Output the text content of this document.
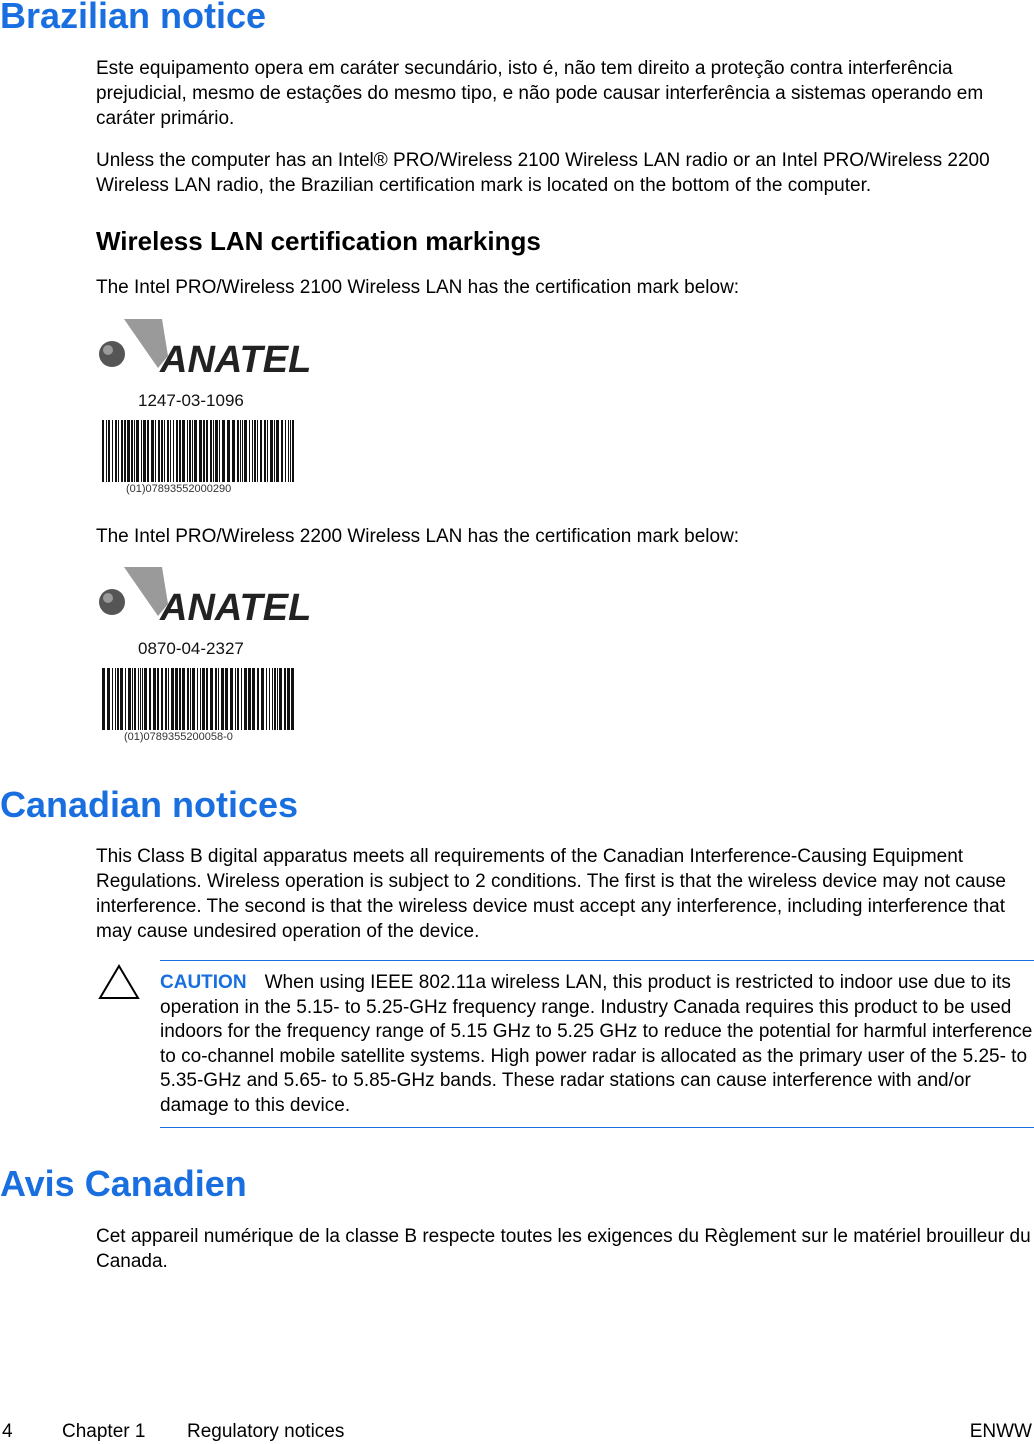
Brazilian notice

Este equipamento opera em caráter secundário, isto é, não tem direito a proteção contra interferência prejudicial, mesmo de estações do mesmo tipo, e não pode causar interferência a sistemas operando em caráter primário.

Unless the computer has an Intel® PRO/Wireless 2100 Wireless LAN radio or an Intel PRO/Wireless 2200 Wireless LAN radio, the Brazilian certification mark is located on the bottom of the computer.

Wireless LAN certification markings

The Intel PRO/Wireless 2100 Wireless LAN has the certification mark below:

ANATEL
1247-03-1096
(01)07893552000290

The Intel PRO/Wireless 2200 Wireless LAN has the certification mark below:

ANATEL
0870-04-2327
(01)0789355200058-0
Canadian notices

This Class B digital apparatus meets all requirements of the Canadian Interference-Causing Equipment Regulations. Wireless operation is subject to 2 conditions. The first is that the wireless device may not cause interference. The second is that the wireless device must accept any interference, including interference that may cause undesired operation of the device.

CAUTION When using IEEE 802.11a wireless LAN, this product is restricted to indoor use due to its operation in the 5.15- to 5.25-GHz frequency range. Industry Canada requires this product to be used indoors for the frequency range of 5.15 GHz to 5.25 GHz to reduce the potential for harmful interference to co-channel mobile satellite systems. High power radar is allocated as the primary user of the 5.25- to 5.35-GHz and 5.65- to 5.85-GHz bands. These radar stations can cause interference with and/or damage to this device.

Avis Canadien

Cet appareil numérique de la classe B respecte toutes les exigences du Règlement sur le matériel brouilleur du Canada.

4	Chapter 1 Regulatory notices	ENWW
